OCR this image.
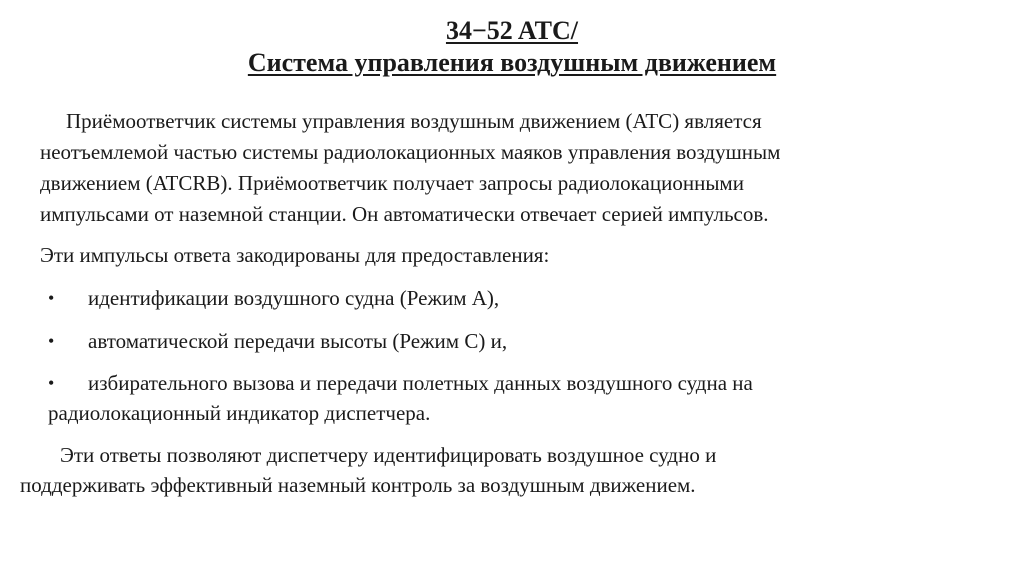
34−52 ATC/
Система управления воздушным движением

Приёмоответчик системы управления воздушным движением (ATC) является

неотъемлемой частью системы радиолокационных маяков управления воздушным

движением (ATCRB). Приёмоответчик получает запросы радиолокационными

импульсами от наземной станции. Он автоматически отвечает серией импульсов.

Эти импульсы ответа закодированы для предоставления:

• идентификации воздушного судна (Режим A),

• автоматической передачи высоты (Режим C) и,

• избирательного вызова и передачи полетных данных воздушного судна на

радиолокационный индикатор диспетчера.

Эти ответы позволяют диспетчеру идентифицировать воздушное судно и

поддерживать эффективный наземный контроль за воздушным движением.
